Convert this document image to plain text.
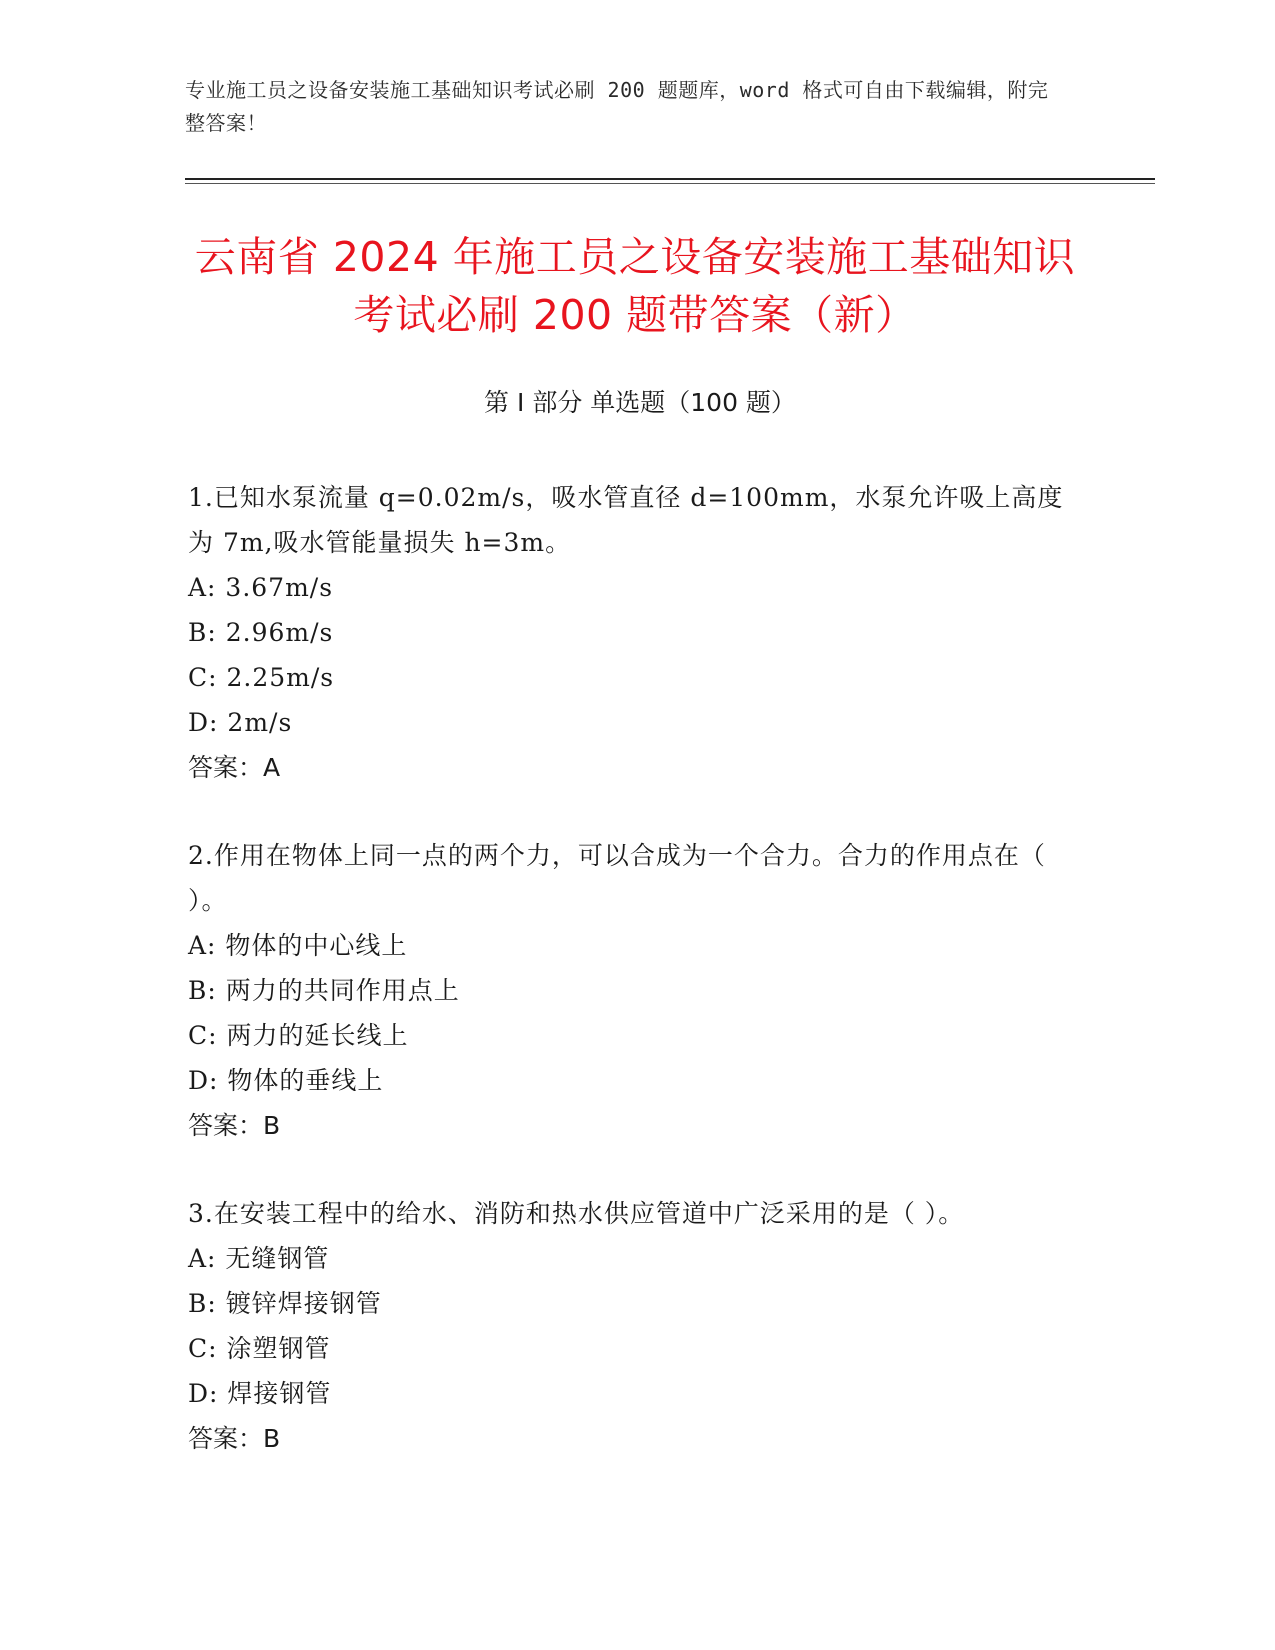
专业施工员之设备安装施工基础知识考试必刷 200 题题库，word 格式可自由下载编辑，附完整答案！
云南省 2024 年施工员之设备安装施工基础知识考试必刷 200 题带答案（新）
第 I 部分 单选题（100 题）
1.已知水泵流量 q=0.02m/s，吸水管直径 d=100mm，水泵允许吸上高度为 7m,吸水管能量损失 h=3m。
A: 3.67m/s
B: 2.96m/s
C: 2.25m/s
D: 2m/s
答案：A
2.作用在物体上同一点的两个力，可以合成为一个合力。合力的作用点在（ ）。
A: 物体的中心线上
B: 两力的共同作用点上
C: 两力的延长线上
D: 物体的垂线上
答案：B
3.在安装工程中的给水、消防和热水供应管道中广泛采用的是（ ）。
A: 无缝钢管
B: 镀锌焊接钢管
C: 涂塑钢管
D: 焊接钢管
答案：B
